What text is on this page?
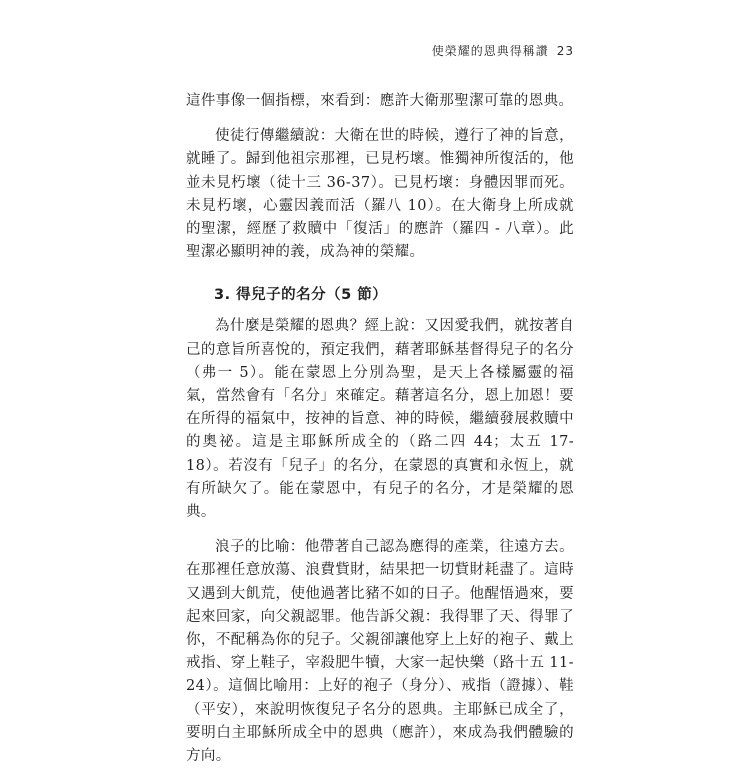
使榮耀的恩典得稱讚 23

這件事像一個指標，來看到：應許大衛那聖潔可靠的恩典。

使徒行傳繼續說：大衛在世的時候，遵行了神的旨意，就睡了。歸到他祖宗那裡，已見朽壞。惟獨神所復活的，他並未見朽壞（徒十三 36-37）。已見朽壞：身體因罪而死。未見朽壞，心靈因義而活（羅八 10）。在大衛身上所成就的聖潔，經歷了救贖中「復活」的應許（羅四 - 八章）。此聖潔必顯明神的義，成為神的榮耀。

3. 得兒子的名分（5 節）

為什麼是榮耀的恩典？經上說：又因愛我們，就按著自己的意旨所喜悅的，預定我們，藉著耶穌基督得兒子的名分（弗一 5）。能在蒙恩上分別為聖，是天上各樣屬靈的福氣，當然會有「名分」來確定。藉著這名分，恩上加恩！要在所得的福氣中，按神的旨意、神的時候，繼續發展救贖中的奧祕。這是主耶穌所成全的（路二四 44；太五 17-18）。若沒有「兒子」的名分，在蒙恩的真實和永恆上，就有所缺欠了。能在蒙恩中，有兒子的名分，才是榮耀的恩典。

浪子的比喻：他帶著自己認為應得的產業，往遠方去。在那裡任意放蕩、浪費貲財，結果把一切貲財耗盡了。這時又遇到大飢荒，使他過著比豬不如的日子。他醒悟過來，要起來回家，向父親認罪。他告訴父親：我得罪了天、得罪了你，不配稱為你的兒子。父親卻讓他穿上上好的袍子、戴上戒指、穿上鞋子，宰殺肥牛犢，大家一起快樂（路十五 11-24）。這個比喻用：上好的袍子（身分）、戒指（證據）、鞋（平安），來說明恢復兒子名分的恩典。主耶穌已成全了，要明白主耶穌所成全中的恩典（應許），來成為我們體驗的方向。
